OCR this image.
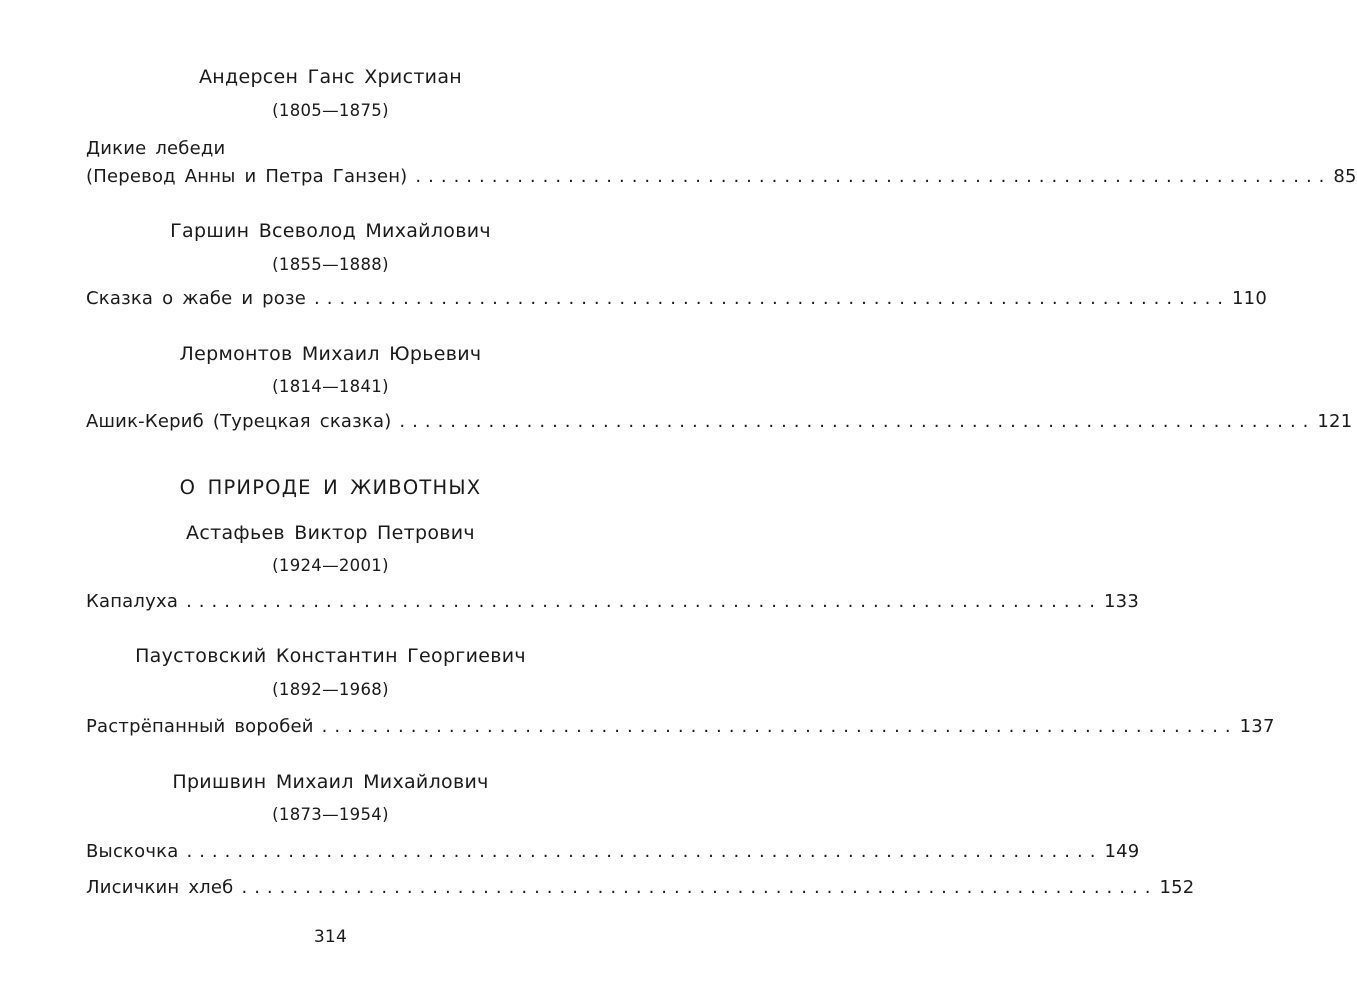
Андерсен Ганс Христиан
(1805—1875)
Дикие лебеди
(Перевод Анны и Петра Ганзен) ........................................................................ 85
Гаршин Всеволод Михайлович
(1855—1888)
Сказка о жабе и розе ........................................................................ 110
Лермонтов Михаил Юрьевич
(1814—1841)
Ашик-Кериб (Турецкая сказка) ........................................................................ 121
О ПРИРОДЕ И ЖИВОТНЫХ
Астафьев Виктор Петрович
(1924—2001)
Капалуха ........................................................................ 133
Паустовский Константин Георгиевич
(1892—1968)
Растрёпанный воробей ........................................................................ 137
Пришвин Михаил Михайлович
(1873—1954)
Выскочка ........................................................................ 149
Лисичкин хлеб ........................................................................ 152
314
